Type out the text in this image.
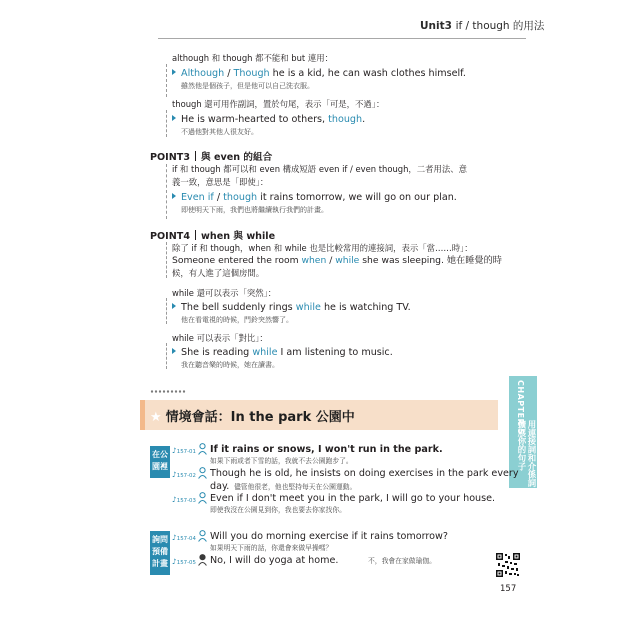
Unit3 if / though 的用法
although 和 though 都不能和 but 連用：
Although / Though he is a kid, he can wash clothes himself.
雖然他是個孩子，但是他可以自己洗衣服。
though 還可用作副詞，置於句尾，表示「可是，不過」：
He is warm-hearted to others, though.
不過他對其他人很友好。
POINT3 與 even 的組合
if 和 though 都可以和 even 構成短語 even if / even though，二者用法、意
義一致，意思是「即使」：
Even if / though it rains tomorrow, we will go on our plan.
即使明天下雨，我們也將繼續執行我們的計畫。
POINT4 when 與 while
除了 if 和 though，when 和 while 也是比較常用的連接詞，表示「當……時」：
Someone entered the room when / while she was sleeping. 她在睡覺的時
候，有人進了這個房間。
while 還可以表示「突然」：
The bell suddenly rings while he is watching TV.
他在看電視的時候，門鈴突然響了。
while 可以表示「對比」：
She is reading while I am listening to music.
我在聽音樂的時候，她在讀書。
★ 情境會話：In the park 公園中	CHAPTER 5
用連接詞和介係詞
擴展你的句子
在公
園裡
詢問
預備
計畫
♪157-01 If it rains or snows, I won't run in the park.
如果下雨或者下雪的話，我就不去公園跑步了。
♪157-02 Though he is old, he insists on doing exercises in the park every
day. 儘管他很老，他也堅持每天在公園運動。
♪157-03 Even if I don't meet you in the park, I will go to your house.
即使我沒在公園見到你，我也要去你家找你。
♪157-04 Will you do morning exercise if it rains tomorrow?
如果明天下雨的話，你還會來做早操嗎？
♪157-05 No, I will do yoga at home.	不，我會在家做瑜伽。
157
